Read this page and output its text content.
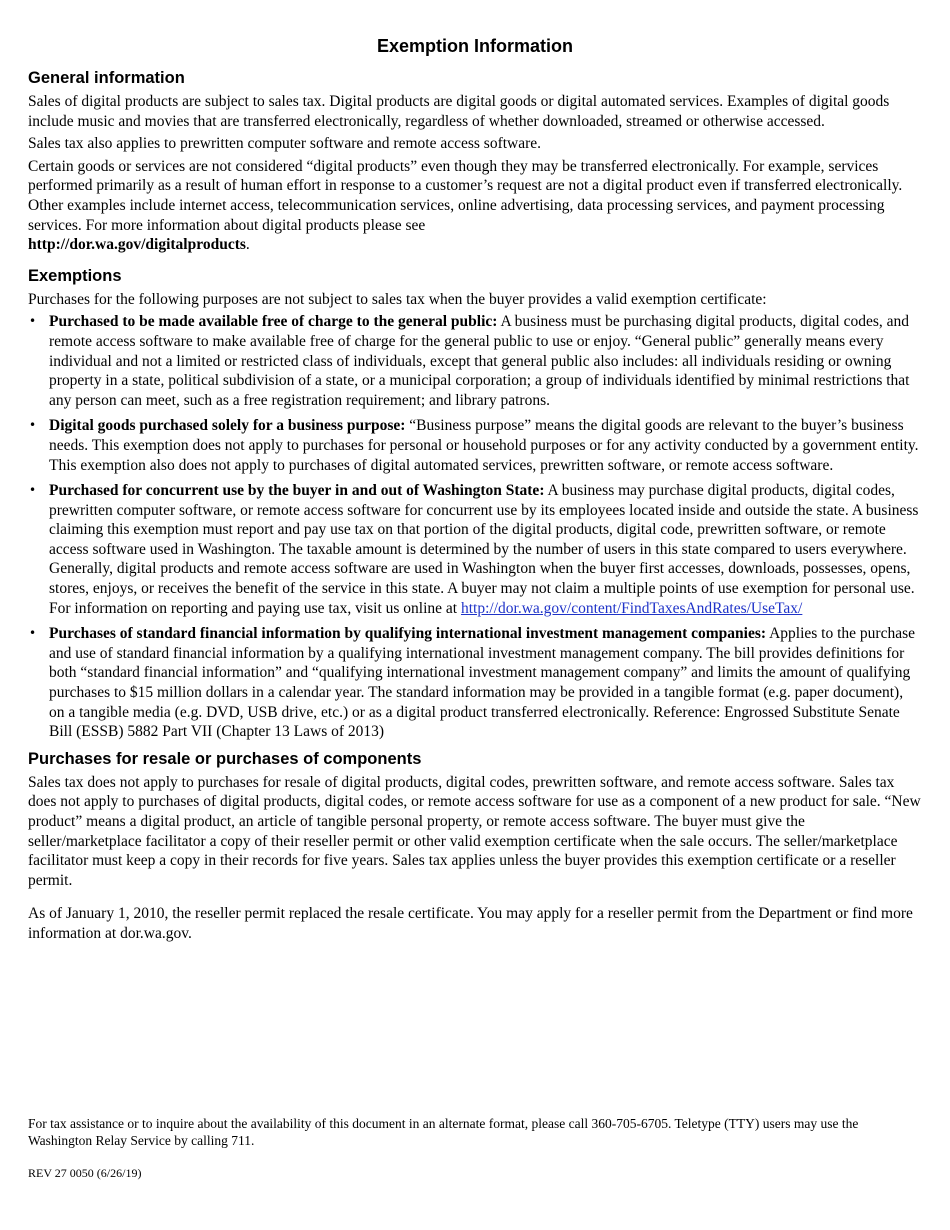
Exemption Information
General information

Sales of digital products are subject to sales tax. Digital products are digital goods or digital automated services. Examples of digital goods include music and movies that are transferred electronically, regardless of whether downloaded, streamed or otherwise accessed.

Sales tax also applies to prewritten computer software and remote access software.

Certain goods or services are not considered “digital products” even though they may be transferred electronically. For example, services performed primarily as a result of human effort in response to a customer’s request are not a digital product even if transferred electronically. Other examples include internet access, telecommunication services, online advertising, data processing services, and payment processing services. For more information about digital products please see
http://dor.wa.gov/digitalproducts.

Exemptions

Purchases for the following purposes are not subject to sales tax when the buyer provides a valid exemption certificate:

• Purchased to be made available free of charge to the general public: A business must be purchasing digital products, digital codes, and remote access software to make available free of charge for the general public to use or enjoy. “General public” generally means every individual and not a limited or restricted class of individuals, except that general public also includes: all individuals residing or owning property in a state, political subdivision of a state, or a municipal corporation; a group of individuals identified by minimal restrictions that any person can meet, such as a free registration requirement; and library patrons.
• Digital goods purchased solely for a business purpose: “Business purpose” means the digital goods are relevant to the buyer’s business needs. This exemption does not apply to purchases for personal or household purposes or for any activity conducted by a government entity. This exemption also does not apply to purchases of digital automated services, prewritten software, or remote access software.
• Purchased for concurrent use by the buyer in and out of Washington State: A business may purchase digital products, digital codes, prewritten computer software, or remote access software for concurrent use by its employees located inside and outside the state. A business claiming this exemption must report and pay use tax on that portion of the digital products, digital code, prewritten software, or remote access software used in Washington. The taxable amount is determined by the number of users in this state compared to users everywhere. Generally, digital products and remote access software are used in Washington when the buyer first accesses, downloads, possesses, opens, stores, enjoys, or receives the benefit of the service in this state. A buyer may not claim a multiple points of use exemption for personal use. For information on reporting and paying use tax, visit us online at http://dor.wa.gov/content/FindTaxesAndRates/UseTax/
• Purchases of standard financial information by qualifying international investment management companies: Applies to the purchase and use of standard financial information by a qualifying international investment management company. The bill provides definitions for both “standard financial information” and “qualifying international investment management company” and limits the amount of qualifying purchases to $15 million dollars in a calendar year. The standard information may be provided in a tangible format (e.g. paper document), on a tangible media (e.g. DVD, USB drive, etc.) or as a digital product transferred electronically. Reference: Engrossed Substitute Senate Bill (ESSB) 5882 Part VII (Chapter 13 Laws of 2013)
Purchases for resale or purchases of components

Sales tax does not apply to purchases for resale of digital products, digital codes, prewritten software, and remote access software. Sales tax does not apply to purchases of digital products, digital codes, or remote access software for use as a component of a new product for sale. “New product” means a digital product, an article of tangible personal property, or remote access software. The buyer must give the seller/marketplace facilitator a copy of their reseller permit or other valid exemption certificate when the sale occurs. The seller/marketplace facilitator must keep a copy in their records for five years. Sales tax applies unless the buyer provides this exemption certificate or a reseller permit.

As of January 1, 2010, the reseller permit replaced the resale certificate. You may apply for a reseller permit from the Department or find more information at dor.wa.gov.

For tax assistance or to inquire about the availability of this document in an alternate format, please call 360-705-6705. Teletype (TTY) users may use the Washington Relay Service by calling 711.

REV 27 0050 (6/26/19)
